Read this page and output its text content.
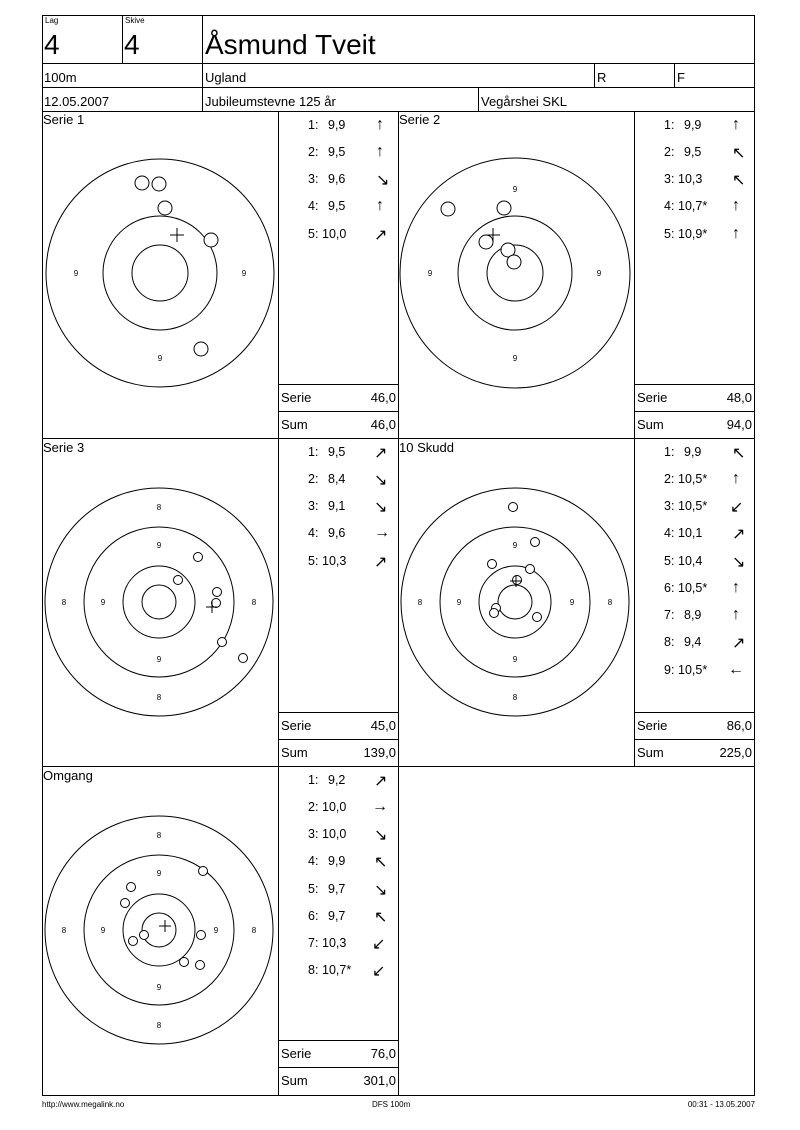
Lag
4
Skive
4 Åsmund Tveit
100m	Ugland	R	F
12.05.2007	Jubileumstevne 125 år	Vegårshei SKL
Serie 1
9	9
9
1: 9,9 ↑
2: 9,5 ↑
3: 9,6 ↘
4: 9,5 ↑
5: 10,0 ↗
Serie	46,0
Sum	46,0
Serie 2
9
9	9
9
1: 9,9 ↑
2: 9,5 ↖
3: 10,3 ↖
4: 10,7* ↑
5: 10,9* ↑
Serie	48,0
Sum	94,0
Serie 3
8
8	8
8
9
9
9
1: 9,5 ↗
2: 8,4 ↘
3: 9,1 ↘
4: 9,6 →
5: 10,3 ↗
Serie	45,0
Sum	139,0
10 Skudd
8	8
8
9
9	9
9
1: 9,9 ↖
2: 10,5* ↑
3: 10,5* ↙
4: 10,1 ↗
5: 10,4 ↘
6: 10,5* ↑
7: 8,9 ↑
8: 9,4 ↗
9: 10,5* ←
Serie	86,0
Sum	225,0
Omgang
8
8	8
8
9
9	9
9
1: 9,2 ↗
2: 10,0 →
3: 10,0 ↘
4: 9,9 ↖
5: 9,7 ↘
6: 9,7 ↖
7: 10,3 ↙
8: 10,7* ↙
Serie	76,0
Sum	301,0
http://www.megalink.no	DFS 100m	00:31 - 13.05.2007
